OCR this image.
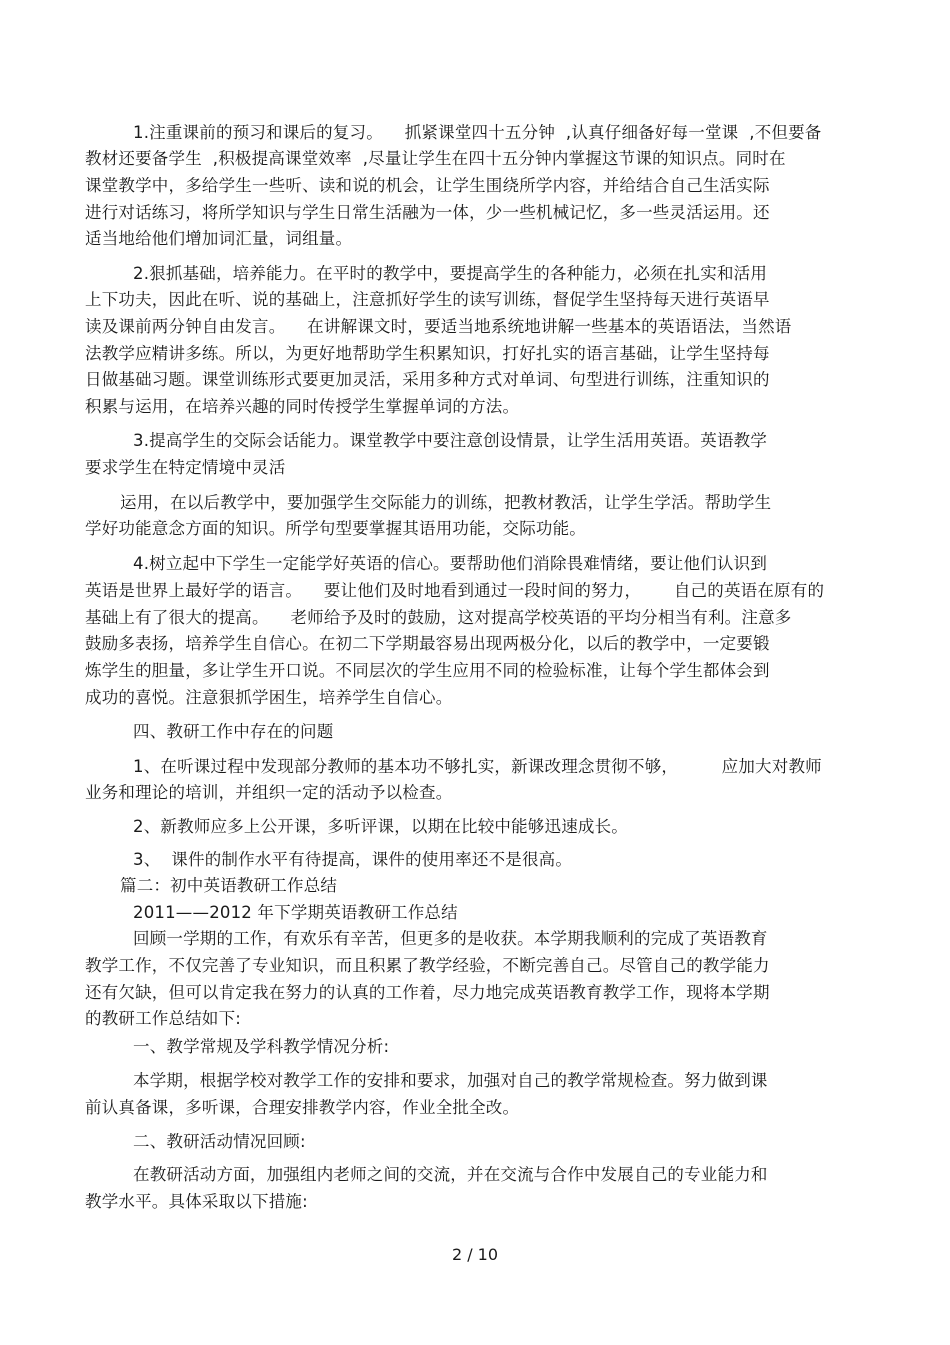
1.注重课前的预习和课后的复习。    抓紧课堂四十五分钟  ,认真仔细备好每一堂课  ,不但要备
教材还要备学生  ,积极提高课堂效率  ,尽量让学生在四十五分钟内掌握这节课的知识点。同时在
课堂教学中，多给学生一些听、读和说的机会，让学生围绕所学内容，并给结合自己生活实际
进行对话练习，将所学知识与学生日常生活融为一体，少一些机械记忆，多一些灵活运用。还
适当地给他们增加词汇量，词组量。
2.狠抓基础，培养能力。在平时的教学中，要提高学生的各种能力，必须在扎实和活用
上下功夫，因此在听、说的基础上，注意抓好学生的读写训练，督促学生坚持每天进行英语早
读及课前两分钟自由发言。    在讲解课文时，要适当地系统地讲解一些基本的英语语法，当然语
法教学应精讲多练。所以，为更好地帮助学生积累知识，打好扎实的语言基础，让学生坚持每
日做基础习题。课堂训练形式要更加灵活，采用多种方式对单词、句型进行训练，注重知识的
积累与运用，在培养兴趣的同时传授学生掌握单词的方法。
3.提高学生的交际会话能力。课堂教学中要注意创设情景，让学生活用英语。英语教学
要求学生在特定情境中灵活
运用，在以后教学中，要加强学生交际能力的训练，把教材教活，让学生学活。帮助学生
学好功能意念方面的知识。所学句型要掌握其语用功能，交际功能。
4.树立起中下学生一定能学好英语的信心。要帮助他们消除畏难情绪，要让他们认识到
英语是世界上最好学的语言。    要让他们及时地看到通过一段时间的努力，      自己的英语在原有的
基础上有了很大的提高。    老师给予及时的鼓励，这对提高学校英语的平均分相当有利。注意多
鼓励多表扬，培养学生自信心。在初二下学期最容易出现两极分化，以后的教学中，一定要锻
炼学生的胆量，多让学生开口说。不同层次的学生应用不同的检验标准，让每个学生都体会到
成功的喜悦。注意狠抓学困生，培养学生自信心。
四、教研工作中存在的问题
1、在听课过程中发现部分教师的基本功不够扎实，新课改理念贯彻不够，        应加大对教师
业务和理论的培训，并组织一定的活动予以检查。
2、新教师应多上公开课，多听评课，以期在比较中能够迅速成长。
3、  课件的制作水平有待提高，课件的使用率还不是很高。
篇二：初中英语教研工作总结
2011——2012 年下学期英语教研工作总结
回顾一学期的工作，有欢乐有辛苦，但更多的是收获。本学期我顺利的完成了英语教育
教学工作，不仅完善了专业知识，而且积累了教学经验，不断完善自己。尽管自己的教学能力
还有欠缺，但可以肯定我在努力的认真的工作着，尽力地完成英语教育教学工作，现将本学期
的教研工作总结如下:
一、教学常规及学科教学情况分析:
本学期，根据学校对教学工作的安排和要求，加强对自己的教学常规检查。努力做到课
前认真备课，多听课，合理安排教学内容，作业全批全改。
二、教研活动情况回顾:
在教研活动方面，加强组内老师之间的交流，并在交流与合作中发展自己的专业能力和
教学水平。具体采取以下措施:
2 / 10
